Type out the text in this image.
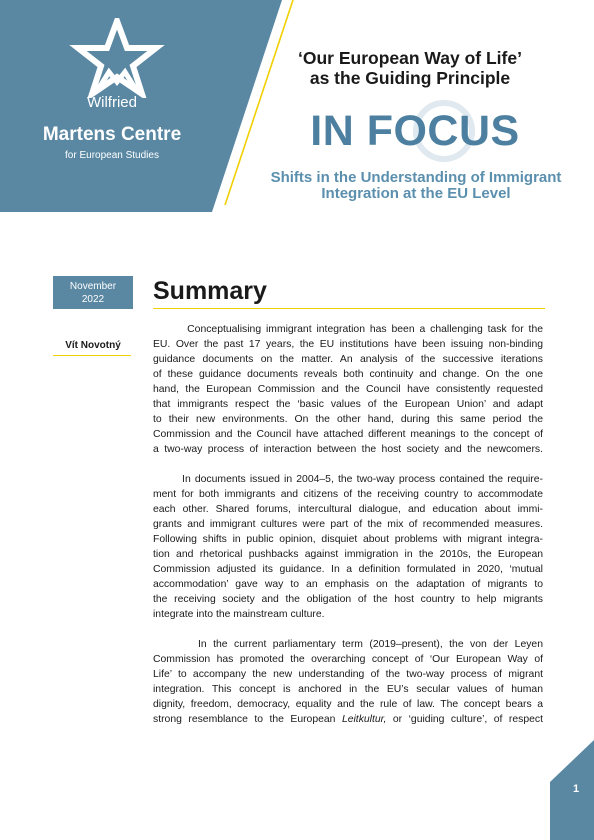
Wilfried
Martens Centre
for European Studies
‘Our European Way of Life’
as the Guiding Principle
IN FOCUS
Shifts in the Understanding of Immigrant
Integration at the EU Level
November
2022
Vít Novotný
Summary
Conceptualising immigrant integration has been a challenging task for the
EU. Over the past 17 years, the EU institutions have been issuing non-binding
guidance documents on the matter. An analysis of the successive iterations
of these guidance documents reveals both continuity and change. On the one
hand, the European Commission and the Council have consistently requested
that immigrants respect the ‘basic values of the European Union’ and adapt
to their new environments. On the other hand, during this same period the
Commission and the Council have attached different meanings to the concept of
a two-way process of interaction between the host society and the newcomers.
In documents issued in 2004–5, the two-way process contained the require-
ment for both immigrants and citizens of the receiving country to accommodate
each other. Shared forums, intercultural dialogue, and education about immi-
grants and immigrant cultures were part of the mix of recommended measures.
Following shifts in public opinion, disquiet about problems with migrant integra-
tion and rhetorical pushbacks against immigration in the 2010s, the European
Commission adjusted its guidance. In a definition formulated in 2020, ‘mutual
accommodation’ gave way to an emphasis on the adaptation of migrants to
the receiving society and the obligation of the host country to help migrants
integrate into the mainstream culture.
In the current parliamentary term (2019–present), the von der Leyen
Commission has promoted the overarching concept of ‘Our European Way of
Life’ to accompany the new understanding of the two-way process of migrant
integration. This concept is anchored in the EU’s secular values of human
dignity, freedom, democracy, equality and the rule of law. The concept bears a
strong resemblance to the European Leitkultur, or ‘guiding culture’, of respect
1
